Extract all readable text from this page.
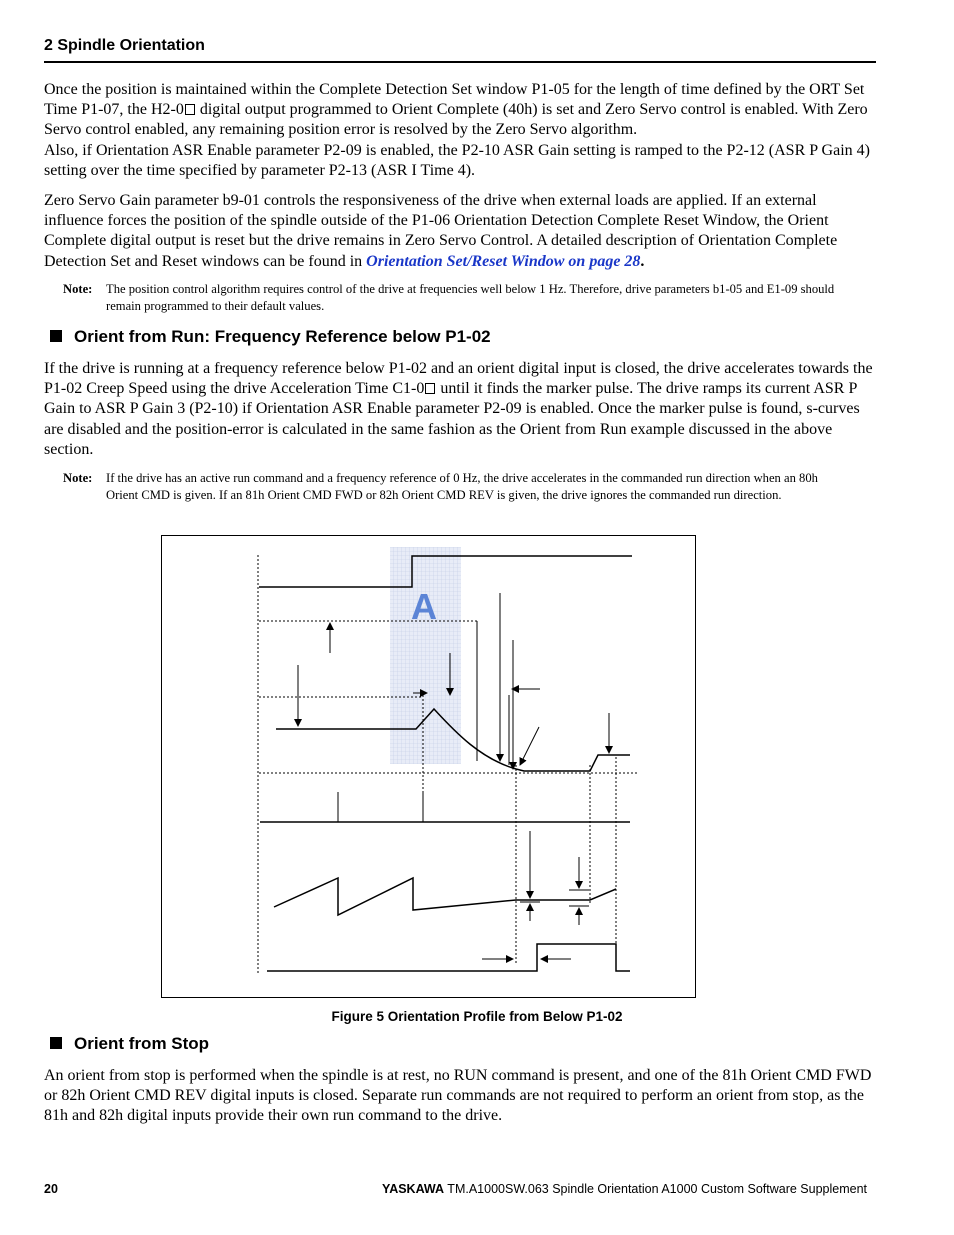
2 Spindle Orientation
Once the position is maintained within the Complete Detection Set window P1-05 for the length of time defined by the ORT Set Time P1-07, the H2-0 digital output programmed to Orient Complete (40h) is set and Zero Servo control is enabled. With Zero Servo control enabled, any remaining position error is resolved by the Zero Servo algorithm.
Also, if Orientation ASR Enable parameter P2-09 is enabled, the P2-10 ASR Gain setting is ramped to the P2-12 (ASR P Gain 4) setting over the time specified by parameter P2-13 (ASR I Time 4).
Zero Servo Gain parameter b9-01 controls the responsiveness of the drive when external loads are applied. If an external influence forces the position of the spindle outside of the P1-06 Orientation Detection Complete Reset Window, the Orient Complete digital output is reset but the drive remains in Zero Servo Control. A detailed description of Orientation Complete Detection Set and Reset windows can be found in Orientation Set/Reset Window on page 28.
Note: The position control algorithm requires control of the drive at frequencies well below 1 Hz. Therefore, drive parameters b1-05 and E1-09 should remain programmed to their default values.
Orient from Run: Frequency Reference below P1-02
If the drive is running at a frequency reference below P1-02 and an orient digital input is closed, the drive accelerates towards the P1-02 Creep Speed using the drive Acceleration Time C1-0 until it finds the marker pulse. The drive ramps its current ASR P Gain to ASR P Gain 3 (P2-10) if Orientation ASR Enable parameter P2-09 is enabled. Once the marker pulse is found, s-curves are disabled and the position-error is calculated in the same fashion as the Orient from Run example discussed in the above section.
Note: If the drive has an active run command and a frequency reference of 0 Hz, the drive accelerates in the commanded run direction when an 80h Orient CMD is given. If an 81h Orient CMD FWD or 82h Orient CMD REV is given, the drive ignores the commanded run direction.
A
Figure 5 Orientation Profile from Below P1-02
Orient from Stop
An orient from stop is performed when the spindle is at rest, no RUN command is present, and one of the 81h Orient CMD FWD or 82h Orient CMD REV digital inputs is closed. Separate run commands are not required to perform an orient from stop, as the 81h and 82h digital inputs provide their own run command to the drive.
20	YASKAWA TM.A1000SW.063 Spindle Orientation A1000 Custom Software Supplement
